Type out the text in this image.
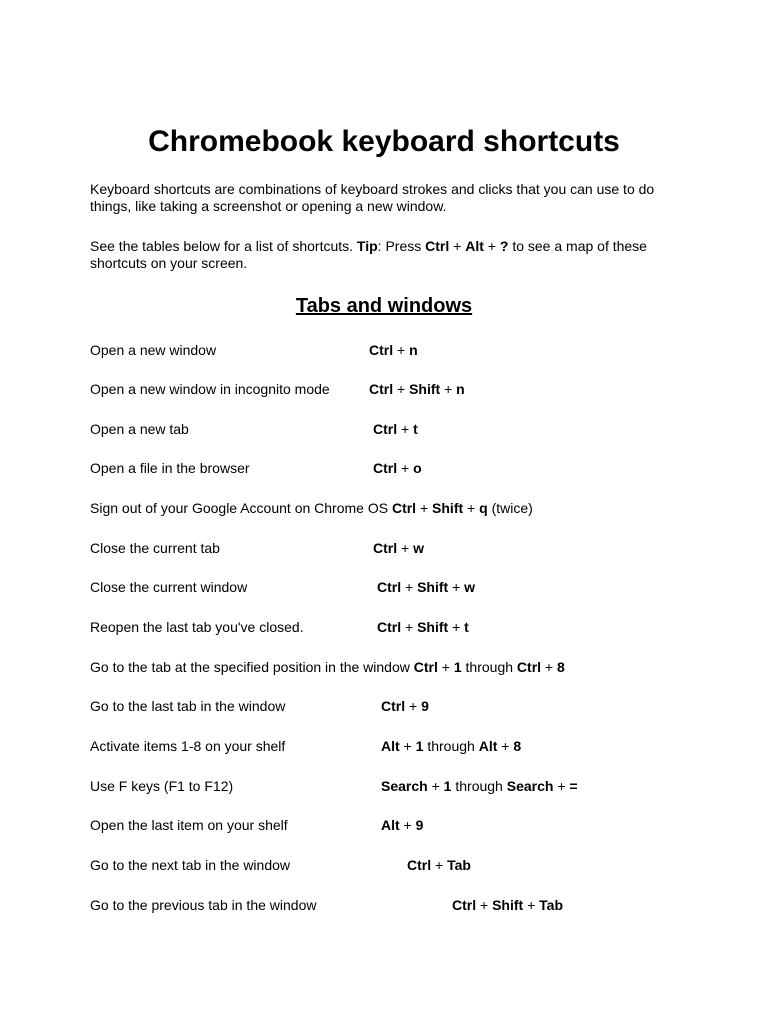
Chromebook keyboard shortcuts

Keyboard shortcuts are combinations of keyboard strokes and clicks that you can use to do things, like taking a screenshot or opening a new window.

See the tables below for a list of shortcuts. Tip: Press Ctrl + Alt + ? to see a map of these shortcuts on your screen.

Tabs and windows
Open a new window	Ctrl + n
Open a new window in incognito mode	Ctrl + Shift + n
Open a new tab	Ctrl + t
Open a file in the browser	Ctrl + o
Sign out of your Google Account on Chrome OS Ctrl + Shift + q (twice)
Close the current tab	Ctrl + w
Close the current window	Ctrl + Shift + w
Reopen the last tab you've closed.	Ctrl + Shift + t
Go to the tab at the specified position in the window Ctrl + 1 through Ctrl + 8
Go to the last tab in the window	Ctrl + 9
Activate items 1-8 on your shelf	Alt + 1 through Alt + 8
Use F keys (F1 to F12)	Search + 1 through Search + =
Open the last item on your shelf	Alt + 9
Go to the next tab in the window	Ctrl + Tab
Go to the previous tab in the window	Ctrl + Shift + Tab
